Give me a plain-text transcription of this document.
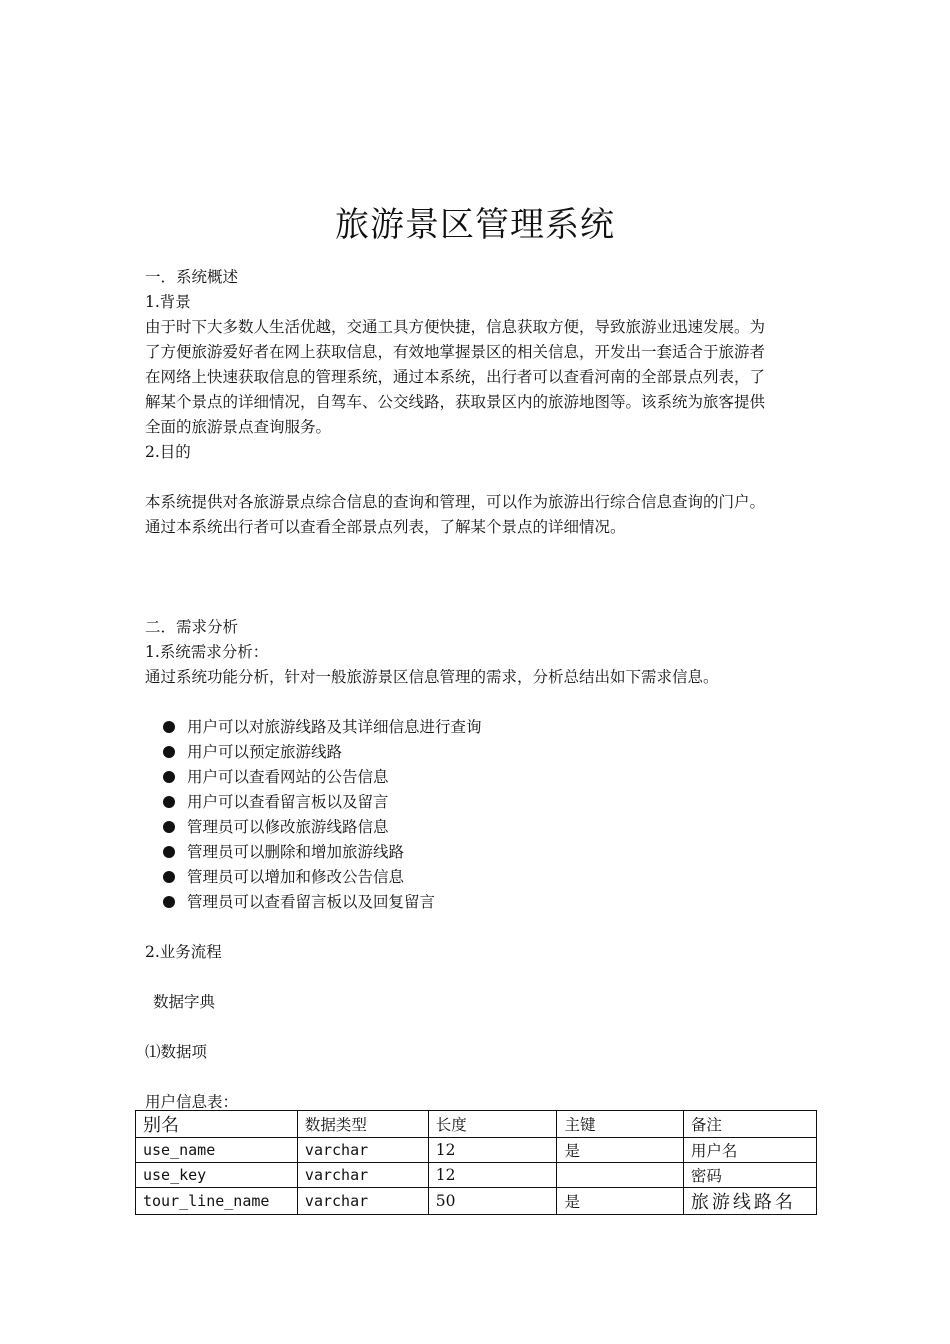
旅游景区管理系统

一．系统概述

1.背景

由于时下大多数人生活优越，交通工具方便快捷，信息获取方便，导致旅游业迅速发展。为

了方便旅游爱好者在网上获取信息，有效地掌握景区的相关信息，开发出一套适合于旅游者

在网络上快速获取信息的管理系统，通过本系统，出行者可以查看河南的全部景点列表，了

解某个景点的详细情况，自驾车、公交线路，获取景区内的旅游地图等。该系统为旅客提供

全面的旅游景点查询服务。

2.目的

本系统提供对各旅游景点综合信息的查询和管理，可以作为旅游出行综合信息查询的门户。

通过本系统出行者可以查看全部景点列表，了解某个景点的详细情况。

二．需求分析

1.系统需求分析：

通过系统功能分析，针对一般旅游景区信息管理的需求，分析总结出如下需求信息。

用户可以对旅游线路及其详细信息进行查询
用户可以预定旅游线路
用户可以查看网站的公告信息
用户可以查看留言板以及留言
管理员可以修改旅游线路信息
管理员可以删除和增加旅游线路
管理员可以增加和修改公告信息
管理员可以查看留言板以及回复留言

2.业务流程

数据字典

⑴数据项

用户信息表：

别名	数据类型	长度	主键	备注
use_name	varchar	12	是	用户名
use_key	varchar	12		密码
tour_line_name	varchar	50	是	旅游线路名
